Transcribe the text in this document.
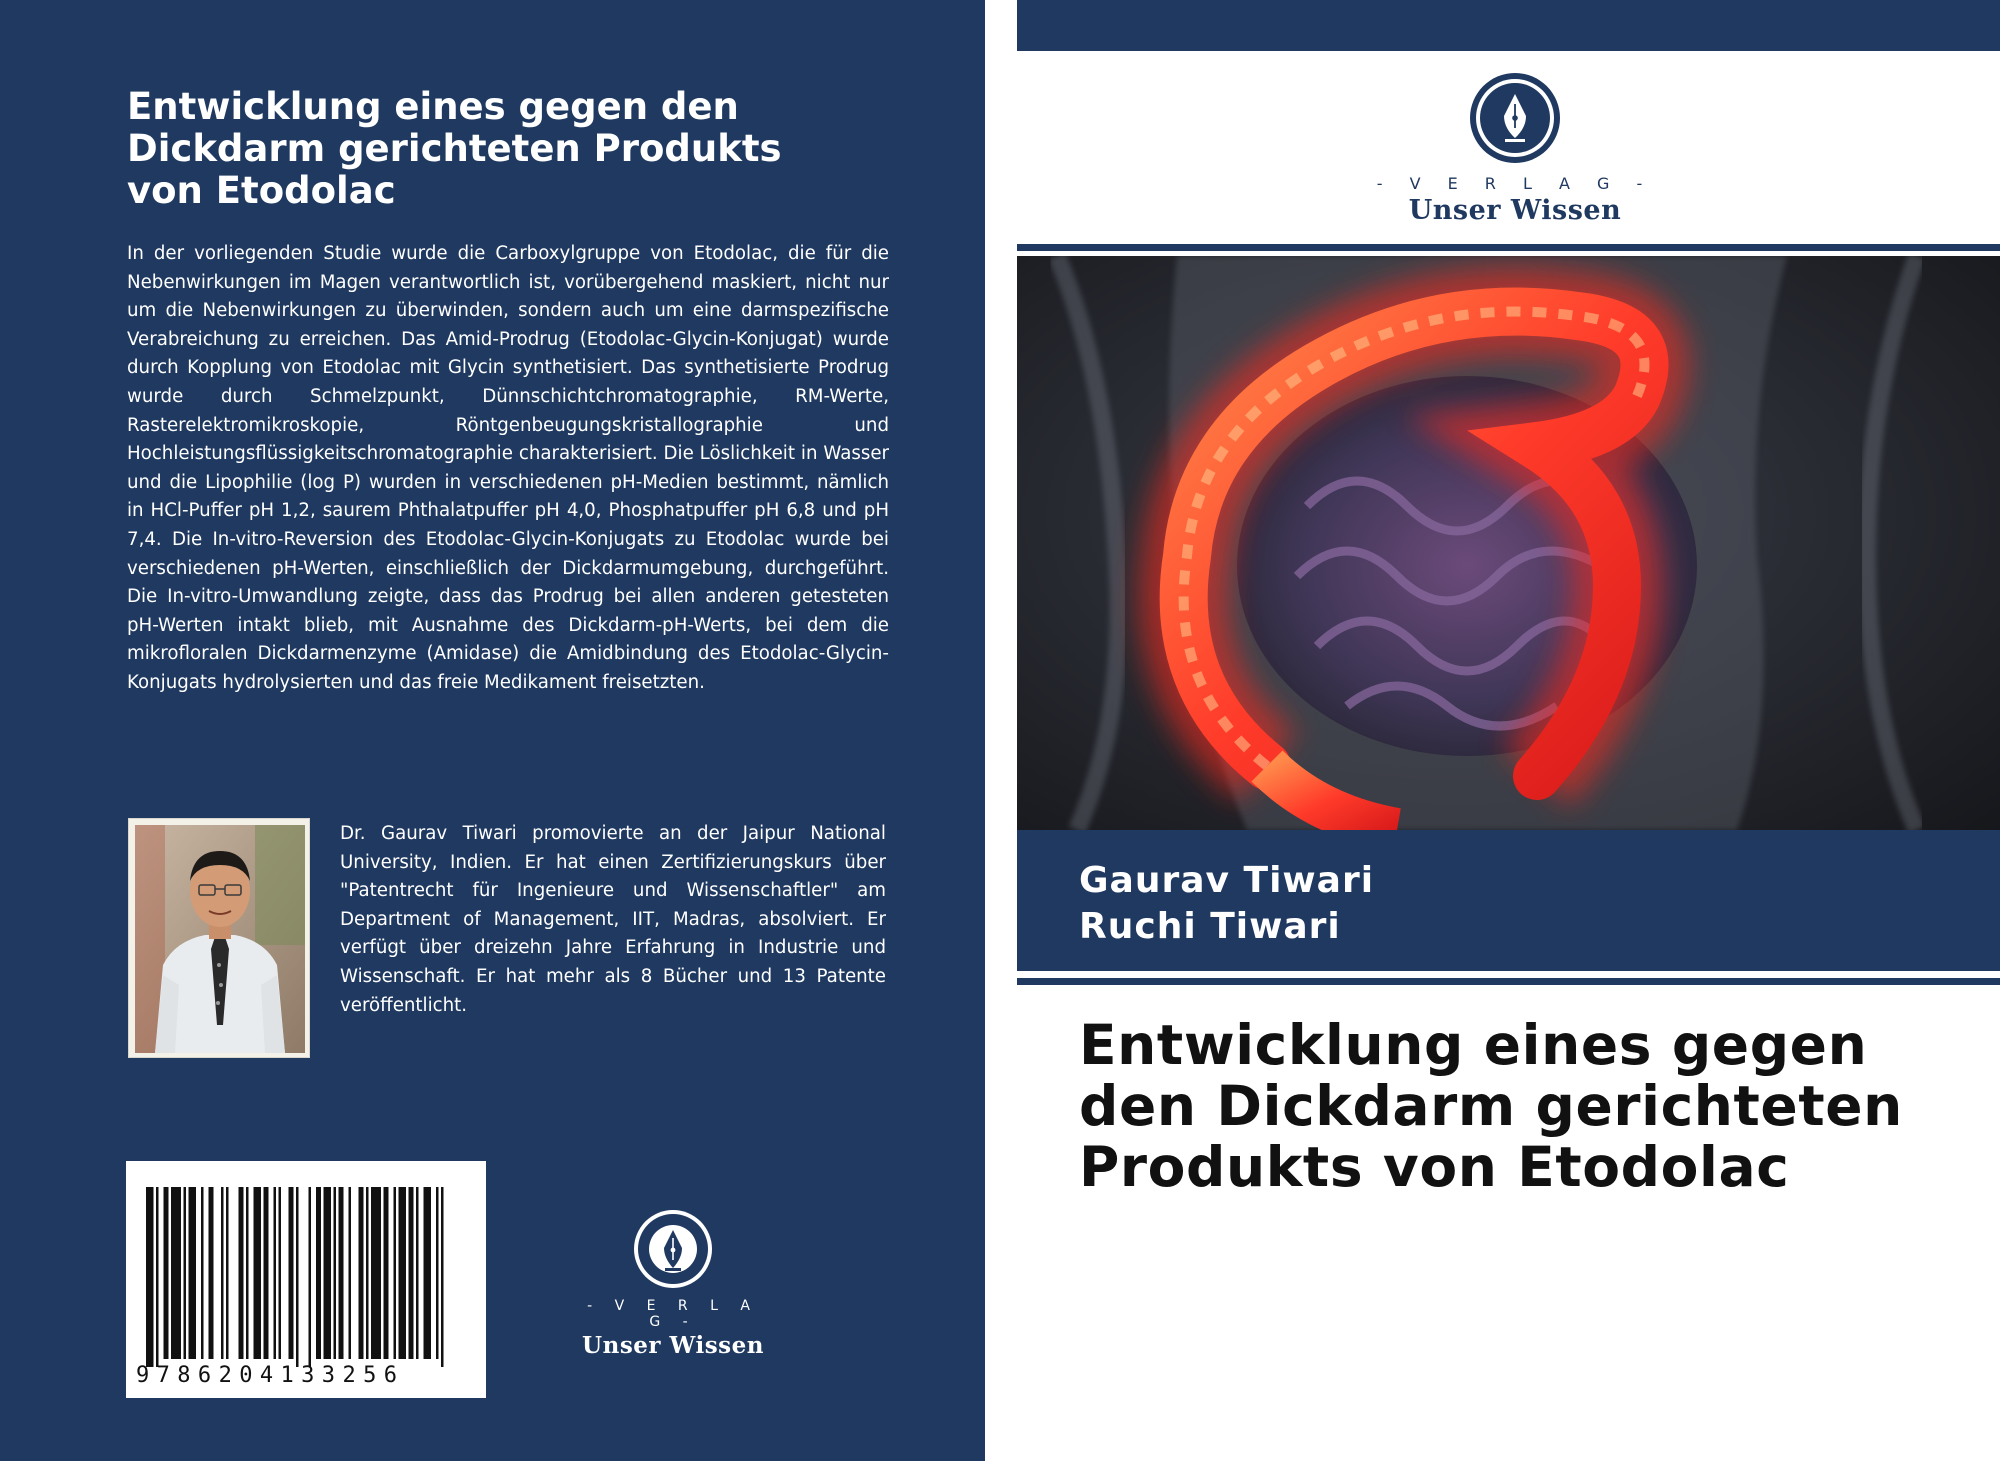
Entwicklung eines gegen den Dickdarm gerichteten Produkts von Etodolac
In der vorliegenden Studie wurde die Carboxylgruppe von Etodolac, die für die Nebenwirkungen im Magen verantwortlich ist, vorübergehend maskiert, nicht nur um die Nebenwirkungen zu überwinden, sondern auch um eine darmspezifische Verabreichung zu erreichen. Das Amid-Prodrug (Etodolac-Glycin-Konjugat) wurde durch Kopplung von Etodolac mit Glycin synthetisiert. Das synthetisierte Prodrug wurde durch Schmelzpunkt, Dünnschichtchromatographie, RM-Werte, Rasterelektromikroskopie, Röntgenbeugungskristallographie und Hochleistungsflüssigkeitschromatographie charakterisiert. Die Löslichkeit in Wasser und die Lipophilie (log P) wurden in verschiedenen pH-Medien bestimmt, nämlich in HCl-Puffer pH 1,2, saurem Phthalatpuffer pH 4,0, Phosphatpuffer pH 6,8 und pH 7,4. Die In-vitro-Reversion des Etodolac-Glycin-Konjugats zu Etodolac wurde bei verschiedenen pH-Werten, einschließlich der Dickdarmumgebung, durchgeführt. Die In-vitro-Umwandlung zeigte, dass das Prodrug bei allen anderen getesteten pH-Werten intakt blieb, mit Ausnahme des Dickdarm-pH-Werts, bei dem die mikrofloralen Dickdarmenzyme (Amidase) die Amidbindung des Etodolac-Glycin-Konjugats hydrolysierten und das freie Medikament freisetzten.
Dr. Gaurav Tiwari promovierte an der Jaipur National University, Indien. Er hat einen Zertifizierungskurs über "Patentrecht für Ingenieure und Wissenschaftler" am Department of Management, IIT, Madras, absolviert. Er verfügt über dreizehn Jahre Erfahrung in Industrie und Wissenschaft. Er hat mehr als 8 Bücher und 13 Patente veröffentlicht.
9786204133256
- V E R L A G -
Unser Wissen
- V E R L A G -
Unser Wissen
Gaurav Tiwari
Ruchi Tiwari
Entwicklung eines gegen den Dickdarm gerichteten Produkts von Etodolac
